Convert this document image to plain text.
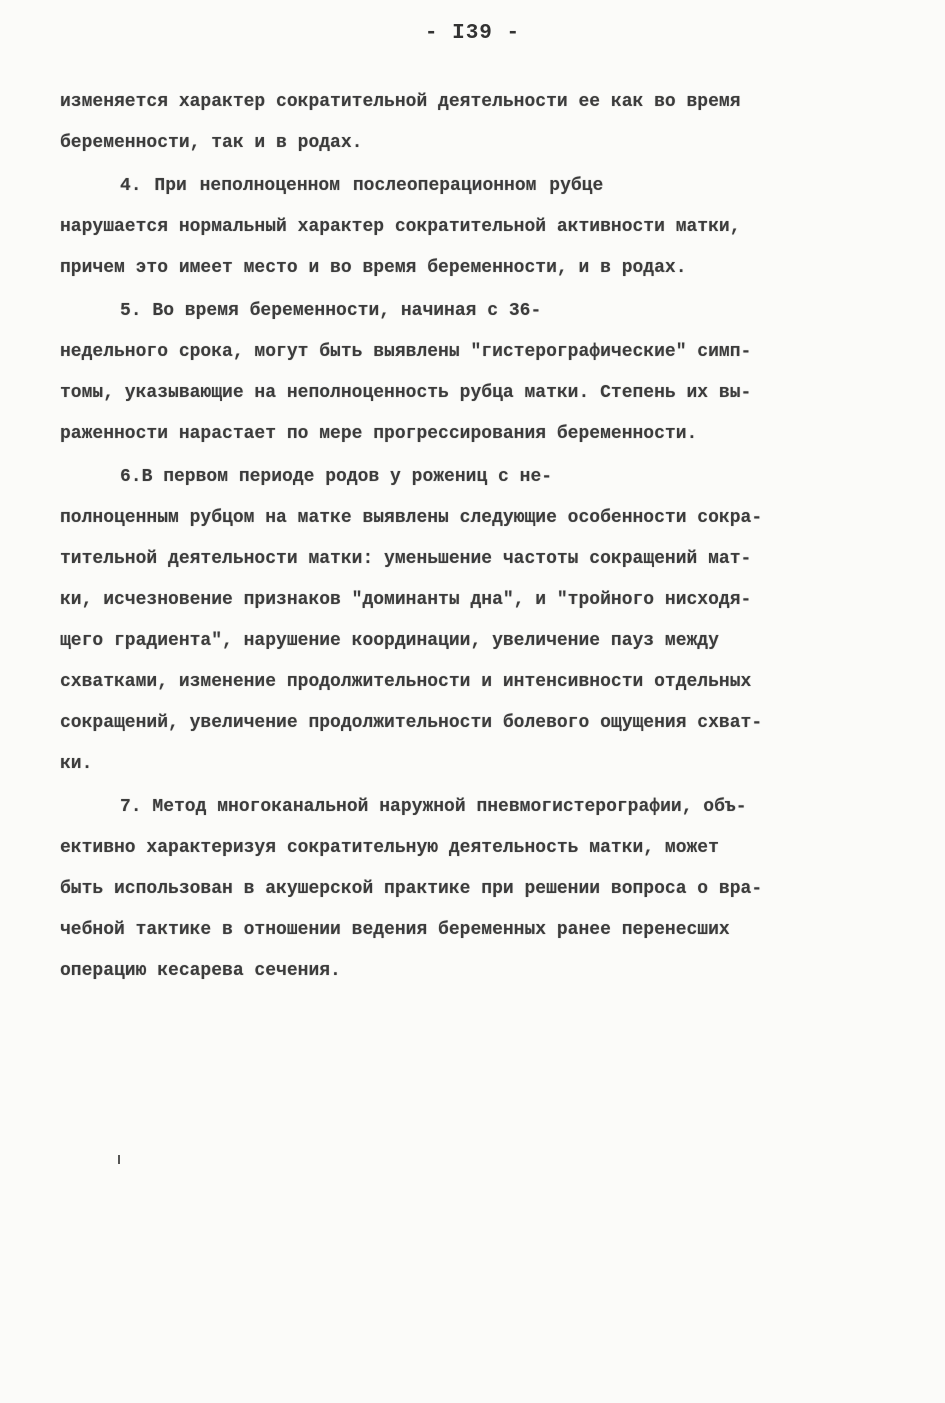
- I39 -
изменяется характер сократительной деятельности ее как во время
беременности, так и в родах.
4. При неполноценном послеоперационном рубце
нарушается нормальный характер сократительной активности матки,
причем это имеет место и во время беременности, и в родах.
5. Во время беременности, начиная с 36-
недельного срока, могут быть выявлены "гистерографические" симп-
томы, указывающие на неполноценность рубца матки. Степень их вы-
раженности нарастает по мере прогрессирования беременности.
6.В первом периоде родов у рожениц с не-
полноценным рубцом на матке выявлены следующие особенности сокра-
тительной деятельности матки: уменьшение частоты сокращений мат-
ки, исчезновение признаков "доминанты дна", и "тройного нисходя-
щего градиента", нарушение координации, увеличение пауз между
схватками, изменение продолжительности и интенсивности отдельных
сокращений, увеличение продолжительности болевого ощущения схват-
ки.
7. Метод многоканальной наружной пневмогистерографии, объ-
ективно характеризуя сократительную деятельность матки, может
быть использован в акушерской практике при решении вопроса о вра-
чебной тактике в отношении ведения беременных ранее перенесших
операцию кесарева сечения.
